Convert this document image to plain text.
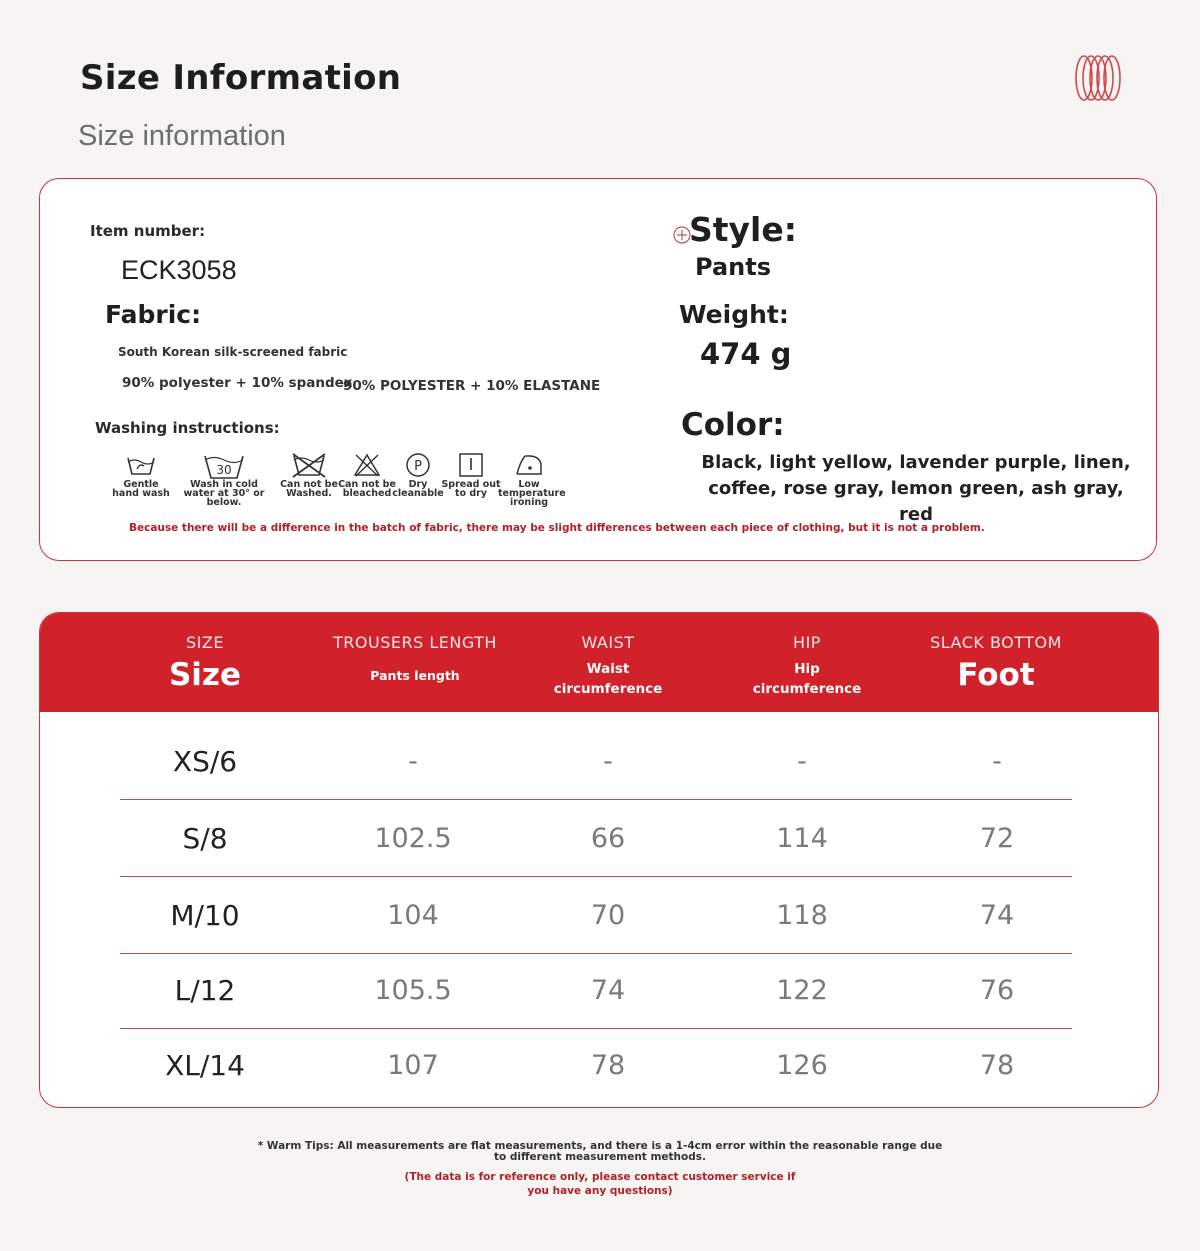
Size Information
Size information
Item number:
ECK3058
Fabric:
South Korean silk-screened fabric
90% polyester + 10% spandex
90% POLYESTER + 10% ELASTANE
Washing instructions:
Gentle hand wash
30
Wash in cold water at 30° or below.
Can not be Washed.
Can not be bleached
P
Dry cleanable
Spread out to dry
Low temperature ironing
Because there will be a difference in the batch of fabric, there may be slight differences between each piece of clothing, but it is not a problem.
Style:
Pants
Weight:
474 g
Color:
Black, light yellow, lavender purple, linen,
coffee, rose gray, lemon green, ash gray, red
SIZE
Size
TROUSERS LENGTH
Pants length
WAIST
Waist circumference
HIP
Hip circumference
SLACK BOTTOM
Foot
XS/6	-	-	-	-
S/8	102.5	66	114	72
M/10	104	70	118	74
L/12	105.5	74	122	76
XL/14	107	78	126	78
* Warm Tips: All measurements are flat measurements, and there is a 1-4cm error within the reasonable range due to different measurement methods.
(The data is for reference only, please contact customer service if you have any questions)
